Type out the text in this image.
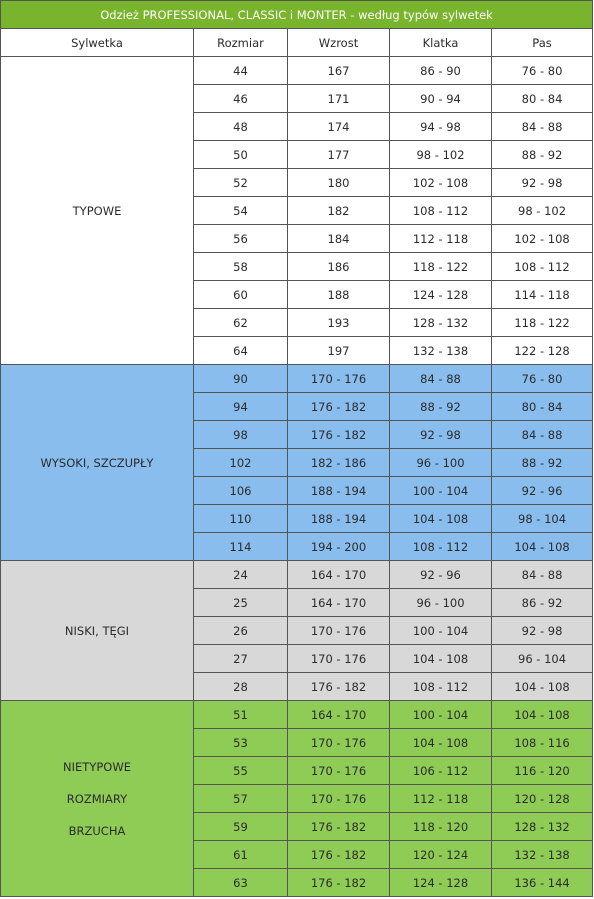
Odzież PROFESSIONAL, CLASSIC i MONTER - według typów sylwetek				
Sylwetka	Rozmiar	Wzrost	Klatka	Pas

TYPOWE	44	167	86 - 90	76 - 80
	46	171	90 - 94	80 - 84
	48	174	94 - 98	84 - 88
	50	177	98 - 102	88 - 92
	52	180	102 - 108	92 - 98
	54	182	108 - 112	98 - 102
	56	184	112 - 118	102 - 108
	58	186	118 - 122	108 - 112
	60	188	124 - 128	114 - 118
	62	193	128 - 132	118 - 122
	64	197	132 - 138	122 - 128

WYSOKI, SZCZUPŁY	90	170 - 176	84 - 88	76 - 80
	94	176 - 182	88 - 92	80 - 84
	98	176 - 182	92 - 98	84 - 88
	102	182 - 186	96 - 100	88 - 92
	106	188 - 194	100 - 104	92 - 96
	110	188 - 194	104 - 108	98 - 104
	114	194 - 200	108 - 112	104 - 108

NISKI, TĘGI	24	164 - 170	92 - 96	84 - 88
	25	164 - 170	96 - 100	86 - 92
	26	170 - 176	100 - 104	92 - 98
	27	170 - 176	104 - 108	96 - 104
	28	176 - 182	108 - 112	104 - 108

NIETYPOWE
ROZMIARY
BRZUCHA	51	164 - 170	100 - 104	104 - 108
	53	170 - 176	104 - 108	108 - 116
	55	170 - 176	106 - 112	116 - 120
	57	170 - 176	112 - 118	120 - 128
	59	176 - 182	118 - 120	128 - 132
	61	176 - 182	120 - 124	132 - 138
	63	176 - 182	124 - 128	136 - 144
